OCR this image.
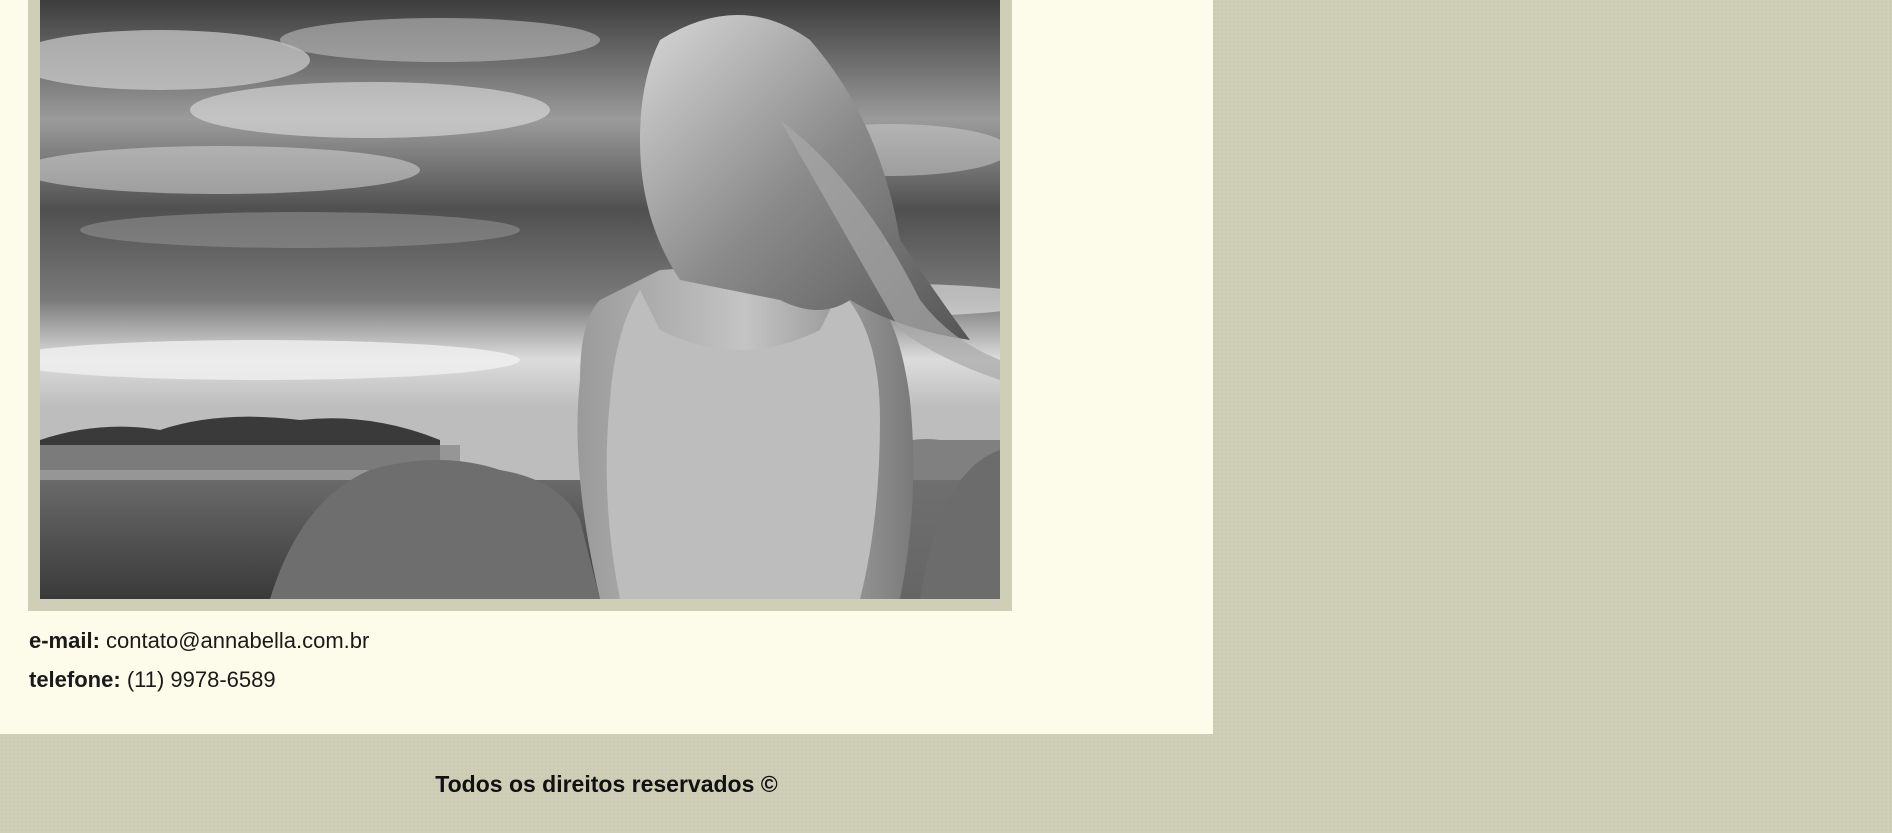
e-mail: contato@annabella.com.br
telefone: (11) 9978-6589
Todos os direitos reservados ©
